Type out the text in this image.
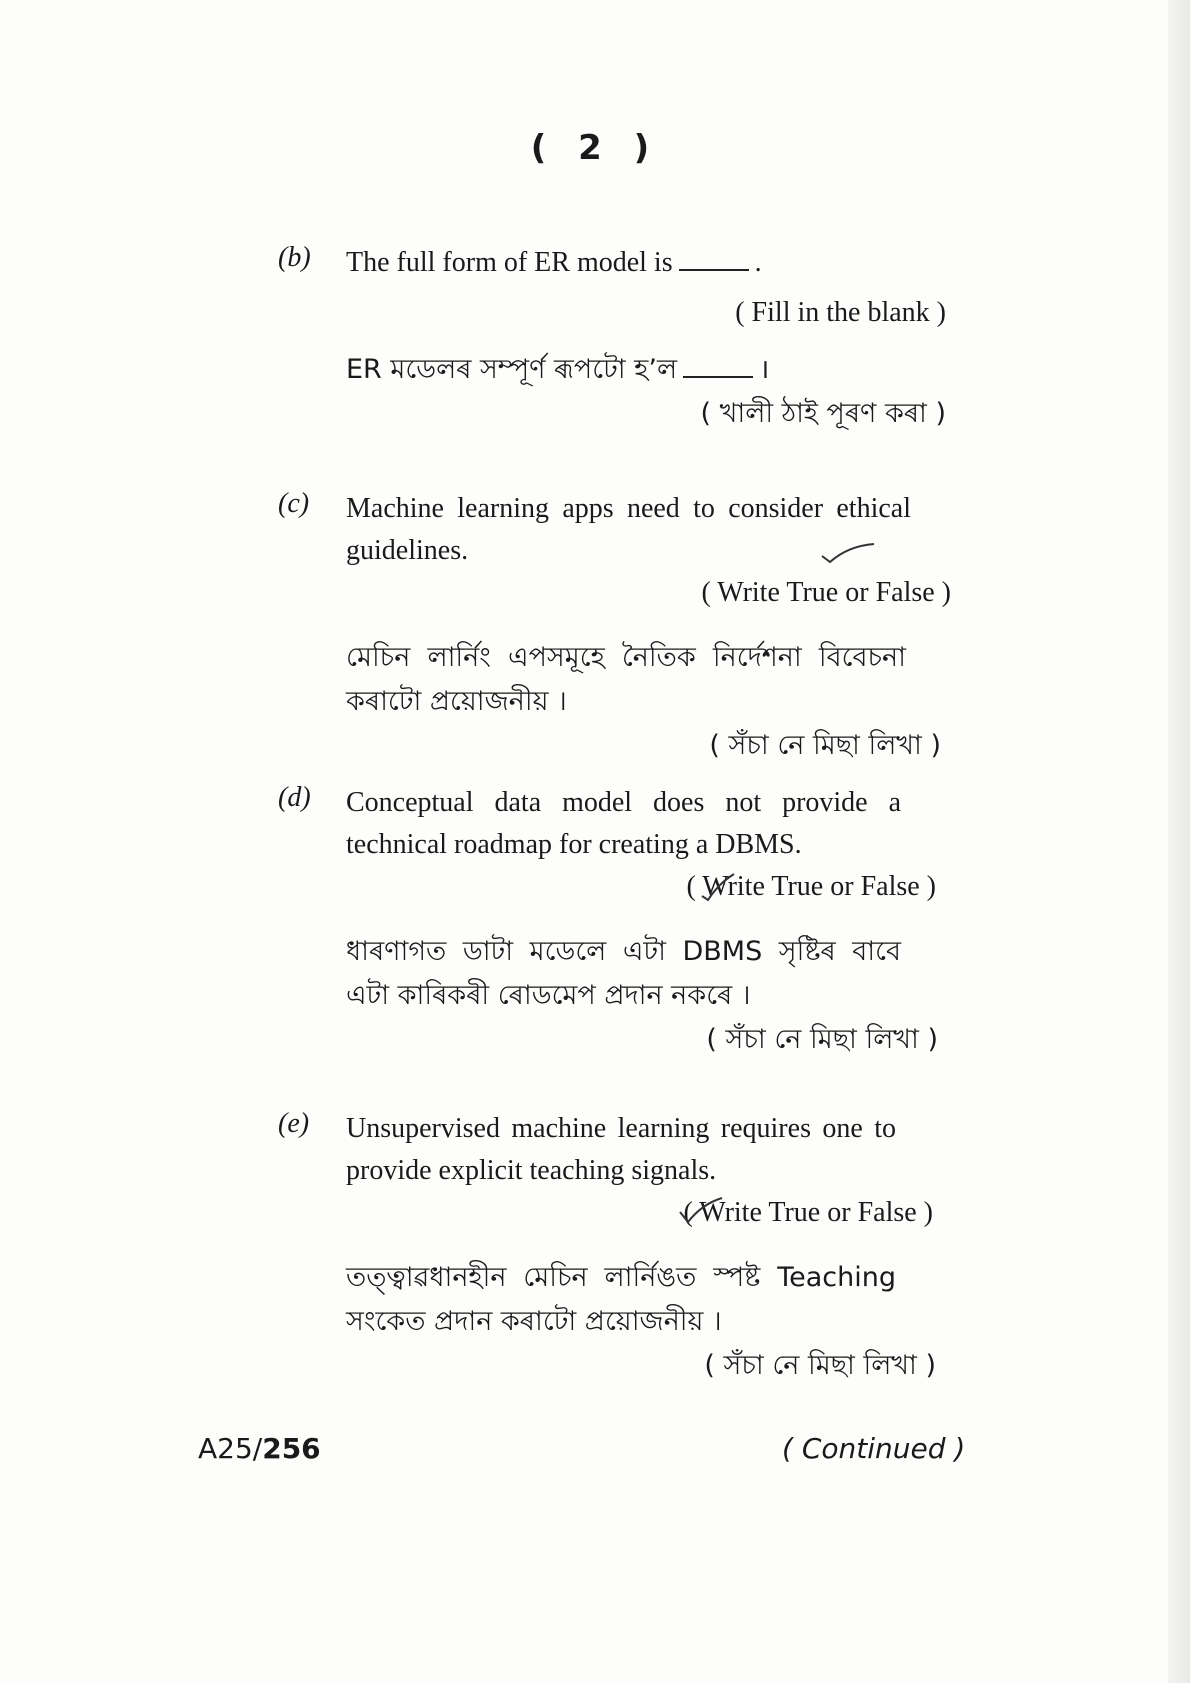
( 2 )
(b) The full form of ER model is	.
( Fill in the blank )
ER মডেলৰ সম্পূৰ্ণ ৰূপটো হ’ল	।
( খালী ঠাই পূৰণ কৰা )
(c) Machine learning apps need to consider ethical guidelines.
( Write True or False )
মেচিন লাৰ্নিং এপসমূহে নৈতিক নিৰ্দেশনা বিবেচনা কৰাটো প্ৰয়োজনীয় ।
( সঁচা নে মিছা লিখা )
(d) Conceptual data model does not provide a technical roadmap for creating a DBMS.
( Write True or False )
ধাৰণাগত ডাটা মডেলে এটা DBMS সৃষ্টিৰ বাবে এটা কাৰিকৰী ৰোডমেপ প্ৰদান নকৰে ।
( সঁচা নে মিছা লিখা )
(e) Unsupervised machine learning requires one to provide explicit teaching signals.
( Write True or False )
তত্ত্বাৱধানহীন মেচিন লাৰ্নিঙত স্পষ্ট Teaching সংকেত প্ৰদান কৰাটো প্ৰয়োজনীয় ।
( সঁচা নে মিছা লিখা )
A25/256	( Continued )
